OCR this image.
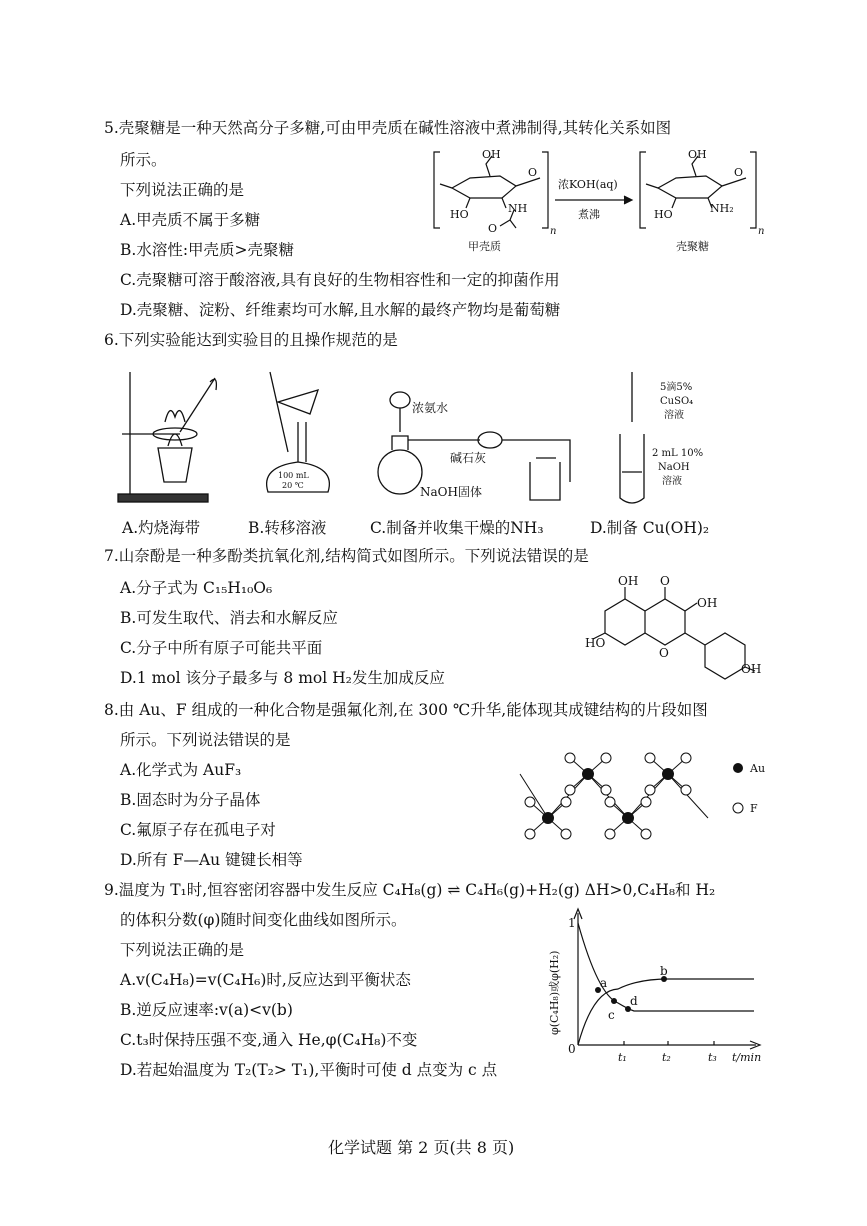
5.壳聚糖是一种天然高分子多糖,可由甲壳质在碱性溶液中煮沸制得,其转化关系如图
所示。
下列说法正确的是
A.甲壳质不属于多糖
B.水溶性:甲壳质>壳聚糖
C.壳聚糖可溶于酸溶液,具有良好的生物相容性和一定的抑菌作用
D.壳聚糖、淀粉、纤维素均可水解,且水解的最终产物均是葡萄糖
OH
HO
O
NH
O	n
甲壳质
浓KOH(aq)
煮沸
OH
HO
O
NH₂
n
壳聚糖
6.下列实验能达到实验目的且操作规范的是
100 mL
20 ℃
浓氨水
碱石灰
NaOH固体
5滴5%
CuSO₄
溶液
2 mL 10%
NaOH
溶液
A.灼烧海带	B.转移溶液	C.制备并收集干燥的NH₃	D.制备 Cu(OH)₂
7.山奈酚是一种多酚类抗氧化剂,结构简式如图所示。下列说法错误的是
A.分子式为 C₁₅H₁₀O₆
B.可发生取代、消去和水解反应
C.分子中所有原子可能共平面
D.1 mol 该分子最多与 8 mol H₂发生加成反应
OH O
OH
HO
O
OH
8.由 Au、F 组成的一种化合物是强氟化剂,在 300 ℃升华,能体现其成键结构的片段如图
所示。下列说法错误的是
A.化学式为 AuF₃
B.固态时为分子晶体
C.氟原子存在孤电子对
D.所有 F—Au 键键长相等
Au
F
9.温度为 T₁时,恒容密闭容器中发生反应 C₄H₈(g) ⇌ C₄H₆(g)+H₂(g) ΔH>0,C₄H₈和 H₂
的体积分数(φ)随时间变化曲线如图所示。
下列说法正确的是
A.v(C₄H₈)=v(C₄H₆)时,反应达到平衡状态
B.逆反应速率:v(a)<v(b)
C.t₃时保持压强不变,通入 He,φ(C₄H₈)不变
D.若起始温度为 T₂(T₂> T₁),平衡时可使 d 点变为 c 点
1
0
t₁	t₂	t₃ t/min
a
b
c
d
φ(C₄H₈)或φ(H₂)
化学试题 第 2 页(共 8 页)
